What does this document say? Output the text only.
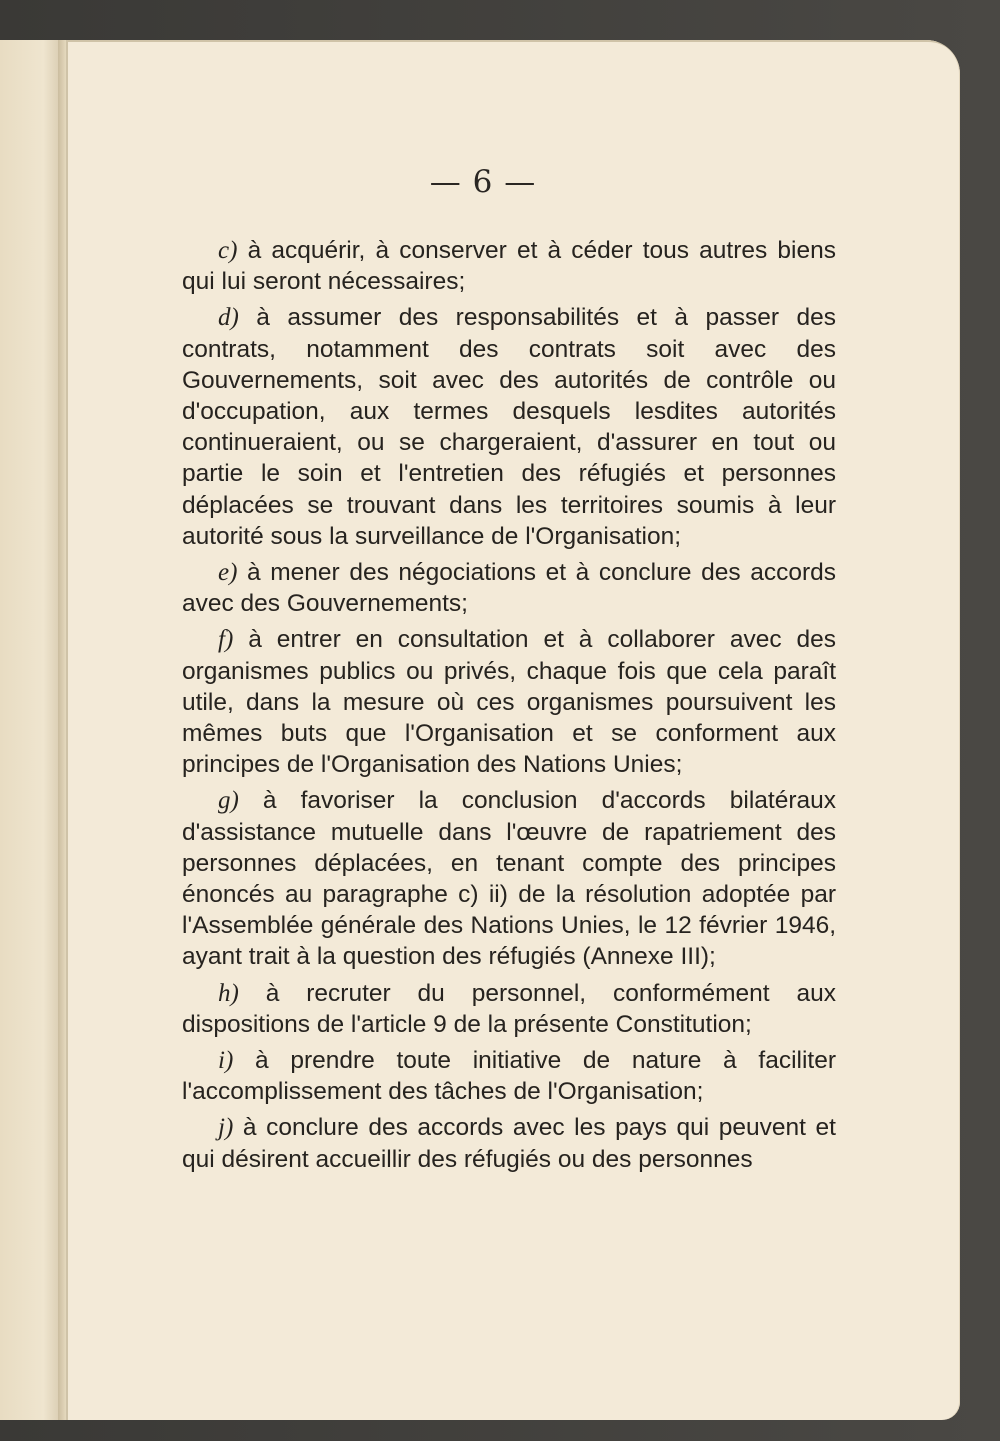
— 6 —

c) à acquérir, à conserver et à céder tous autres biens qui lui seront nécessaires;

d) à assumer des responsabilités et à passer des contrats, notamment des contrats soit avec des Gouvernements, soit avec des autorités de contrôle ou d'occupation, aux termes desquels lesdites autorités continueraient, ou se chargeraient, d'assurer en tout ou partie le soin et l'entretien des réfugiés et personnes déplacées se trouvant dans les territoires soumis à leur autorité sous la surveillance de l'Organisation;

e) à mener des négociations et à conclure des accords avec des Gouvernements;

f) à entrer en consultation et à collaborer avec des organismes publics ou privés, chaque fois que cela paraît utile, dans la mesure où ces organismes poursuivent les mêmes buts que l'Organisation et se conforment aux principes de l'Organisation des Nations Unies;

g) à favoriser la conclusion d'accords bilatéraux d'assistance mutuelle dans l'œuvre de rapatriement des personnes déplacées, en tenant compte des principes énoncés au paragraphe c) ii) de la résolution adoptée par l'Assemblée générale des Nations Unies, le 12 février 1946, ayant trait à la question des réfugiés (Annexe III);

h) à recruter du personnel, conformément aux dispositions de l'article 9 de la présente Constitution;

i) à prendre toute initiative de nature à faciliter l'accomplissement des tâches de l'Organisation;

j) à conclure des accords avec les pays qui peuvent et qui désirent accueillir des réfugiés ou des personnes
